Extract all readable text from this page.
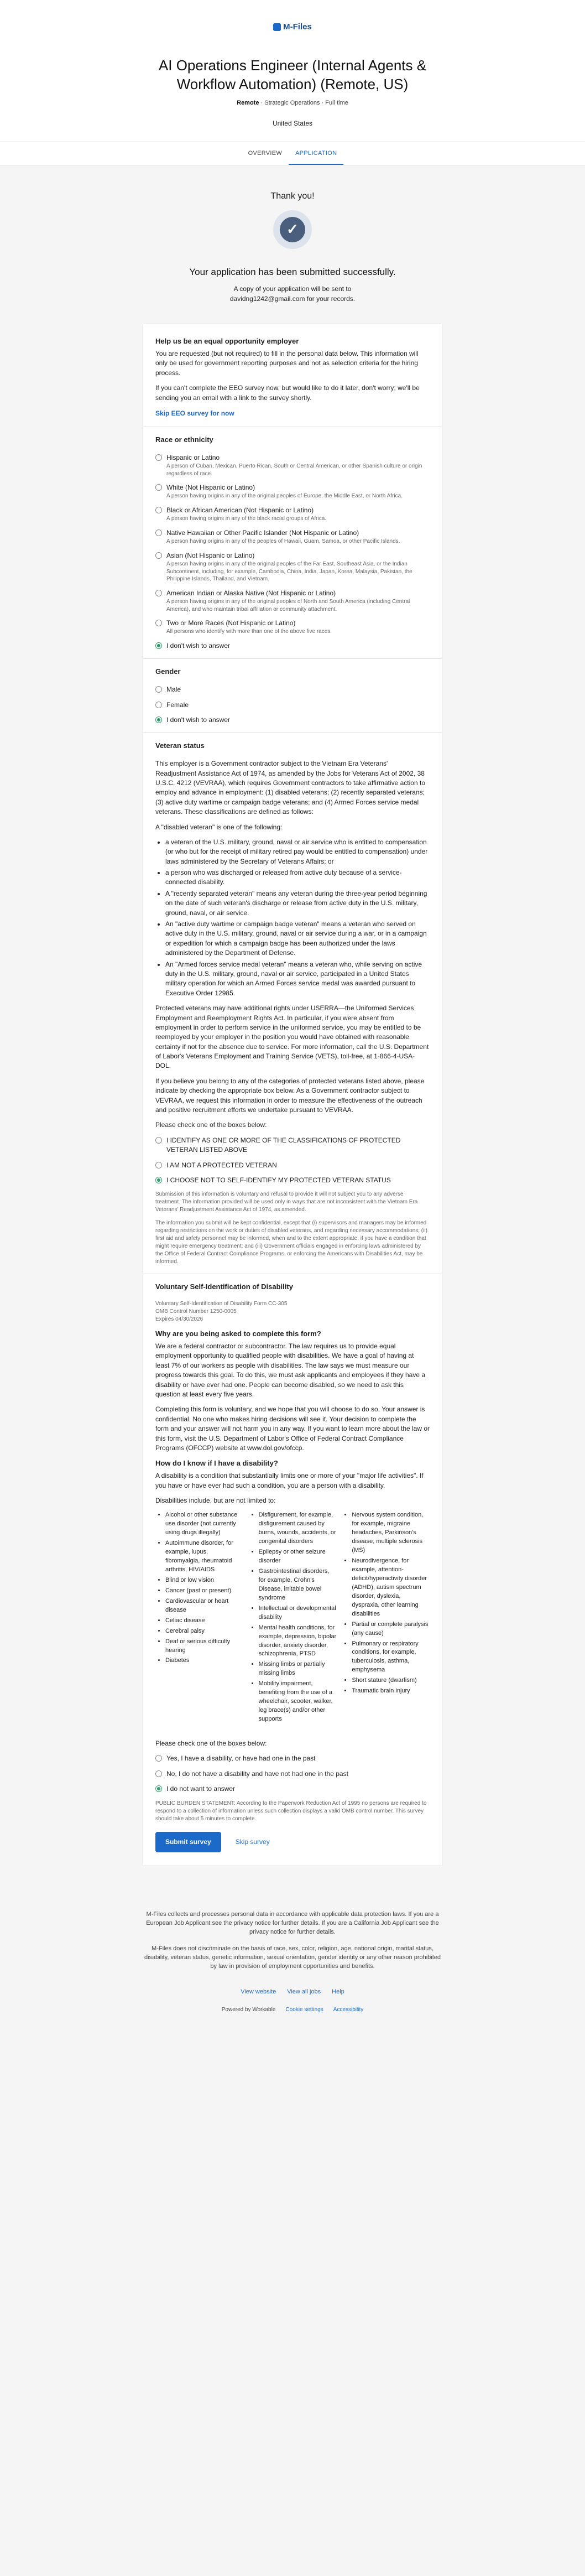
M-Files
AI Operations Engineer (Internal Agents & Workflow Automation) (Remote, US)
Remote · Strategic Operations · Full time
United States
OVERVIEW	APPLICATION
Thank you!
✓
Your application has been submitted successfully.
A copy of your application will be sent to davidng1242@gmail.com for your records.
Help us be an equal opportunity employer

You are requested (but not required) to fill in the personal data below. This information will only be used for government reporting purposes and not as selection criteria for the hiring process.

If you can't complete the EEO survey now, but would like to do it later, don't worry; we'll be sending you an email with a link to the survey shortly.

Skip EEO survey for now
Race or ethnicity
Hispanic or Latino
A person of Cuban, Mexican, Puerto Rican, South or Central American, or other Spanish culture or origin regardless of race.
White (Not Hispanic or Latino)
A person having origins in any of the original peoples of Europe, the Middle East, or North Africa.
Black or African American (Not Hispanic or Latino)
A person having origins in any of the black racial groups of Africa.
Native Hawaiian or Other Pacific Islander (Not Hispanic or Latino)
A person having origins in any of the peoples of Hawaii, Guam, Samoa, or other Pacific Islands.
Asian (Not Hispanic or Latino)
A person having origins in any of the original peoples of the Far East, Southeast Asia, or the Indian Subcontinent, including, for example, Cambodia, China, India, Japan, Korea, Malaysia, Pakistan, the Philippine Islands, Thailand, and Vietnam.
American Indian or Alaska Native (Not Hispanic or Latino)
A person having origins in any of the original peoples of North and South America (including Central America), and who maintain tribal affiliation or community attachment.
Two or More Races (Not Hispanic or Latino)
All persons who identify with more than one of the above five races.
I don't wish to answer
Gender
Male
Female
I don't wish to answer
Veteran status

This employer is a Government contractor subject to the Vietnam Era Veterans' Readjustment Assistance Act of 1974, as amended by the Jobs for Veterans Act of 2002, 38 U.S.C. 4212 (VEVRAA), which requires Government contractors to take affirmative action to employ and advance in employment: (1) disabled veterans; (2) recently separated veterans; (3) active duty wartime or campaign badge veterans; and (4) Armed Forces service medal veterans. These classifications are defined as follows:

A "disabled veteran" is one of the following:

• a veteran of the U.S. military, ground, naval or air service who is entitled to compensation (or who but for the receipt of military retired pay would be entitled to compensation) under laws administered by the Secretary of Veterans Affairs; or
• a person who was discharged or released from active duty because of a service-connected disability.
• A "recently separated veteran" means any veteran during the three-year period beginning on the date of such veteran's discharge or release from active duty in the U.S. military, ground, naval, or air service.
• An "active duty wartime or campaign badge veteran" means a veteran who served on active duty in the U.S. military, ground, naval or air service during a war, or in a campaign or expedition for which a campaign badge has been authorized under the laws administered by the Department of Defense.
• An "Armed forces service medal veteran" means a veteran who, while serving on active duty in the U.S. military, ground, naval or air service, participated in a United States military operation for which an Armed Forces service medal was awarded pursuant to Executive Order 12985.

Protected veterans may have additional rights under USERRA—the Uniformed Services Employment and Reemployment Rights Act. In particular, if you were absent from employment in order to perform service in the uniformed service, you may be entitled to be reemployed by your employer in the position you would have obtained with reasonable certainty if not for the absence due to service. For more information, call the U.S. Department of Labor's Veterans Employment and Training Service (VETS), toll-free, at 1-866-4-USA-DOL.

If you believe you belong to any of the categories of protected veterans listed above, please indicate by checking the appropriate box below. As a Government contractor subject to VEVRAA, we request this information in order to measure the effectiveness of the outreach and positive recruitment efforts we undertake pursuant to VEVRAA.

Please check one of the boxes below:

I IDENTIFY AS ONE OR MORE OF THE CLASSIFICATIONS OF PROTECTED VETERAN LISTED ABOVE
I AM NOT A PROTECTED VETERAN
I CHOOSE NOT TO SELF-IDENTIFY MY PROTECTED VETERAN STATUS
Submission of this information is voluntary and refusal to provide it will not subject you to any adverse treatment. The information provided will be used only in ways that are not inconsistent with the Vietnam Era Veterans' Readjustment Assistance Act of 1974, as amended.
The information you submit will be kept confidential, except that (i) supervisors and managers may be informed regarding restrictions on the work or duties of disabled veterans, and regarding necessary accommodations; (ii) first aid and safety personnel may be informed, when and to the extent appropriate, if you have a condition that might require emergency treatment; and (iii) Government officials engaged in enforcing laws administered by the Office of Federal Contract Compliance Programs, or enforcing the Americans with Disabilities Act, may be informed.
Voluntary Self-Identification of Disability
Voluntary Self-Identification of Disability Form CC-305
OMB Control Number 1250-0005
Expires 04/30/2026
Why are you being asked to complete this form?

We are a federal contractor or subcontractor. The law requires us to provide equal employment opportunity to qualified people with disabilities. We have a goal of having at least 7% of our workers as people with disabilities. The law says we must measure our progress towards this goal. To do this, we must ask applicants and employees if they have a disability or have ever had one. People can become disabled, so we need to ask this question at least every five years.

Completing this form is voluntary, and we hope that you will choose to do so. Your answer is confidential. No one who makes hiring decisions will see it. Your decision to complete the form and your answer will not harm you in any way. If you want to learn more about the law or this form, visit the U.S. Department of Labor's Office of Federal Contract Compliance Programs (OFCCP) website at www.dol.gov/ofccp.

How do I know if I have a disability?

A disability is a condition that substantially limits one or more of your "major life activities". If you have or have ever had such a condition, you are a person with a disability.

Disabilities include, but are not limited to:

• Alcohol or other substance use disorder (not currently using drugs illegally)
• Autoimmune disorder, for example, lupus, fibromyalgia, rheumatoid arthritis, HIV/AIDS
• Blind or low vision
• Cancer (past or present)
• Cardiovascular or heart disease
• Celiac disease
• Cerebral palsy
• Deaf or serious difficulty hearing
• Diabetes
• Disfigurement, for example, disfigurement caused by burns, wounds, accidents, or congenital disorders
• Epilepsy or other seizure disorder
• Gastrointestinal disorders, for example, Crohn's Disease, irritable bowel syndrome
• Intellectual or developmental disability
• Mental health conditions, for example, depression, bipolar disorder, anxiety disorder, schizophrenia, PTSD
• Missing limbs or partially missing limbs
• Mobility impairment, benefiting from the use of a wheelchair, scooter, walker, leg brace(s) and/or other supports
• Nervous system condition, for example, migraine headaches, Parkinson's disease, multiple sclerosis (MS)
• Neurodivergence, for example, attention-deficit/hyperactivity disorder (ADHD), autism spectrum disorder, dyslexia, dyspraxia, other learning disabilities
• Partial or complete paralysis (any cause)
• Pulmonary or respiratory conditions, for example, tuberculosis, asthma, emphysema
• Short stature (dwarfism)
• Traumatic brain injury

Please check one of the boxes below:

Yes, I have a disability, or have had one in the past
No, I do not have a disability and have not had one in the past
I do not want to answer
PUBLIC BURDEN STATEMENT: According to the Paperwork Reduction Act of 1995 no persons are required to respond to a collection of information unless such collection displays a valid OMB control number. This survey should take about 5 minutes to complete.
Submit survey	Skip survey

M-Files collects and processes personal data in accordance with applicable data protection laws. If you are a European Job Applicant see the privacy notice for further details. If you are a California Job Applicant see the privacy notice for further details.

M-Files does not discriminate on the basis of race, sex, color, religion, age, national origin, marital status, disability, veteran status, genetic information, sexual orientation, gender identity or any other reason prohibited by law in provision of employment opportunities and benefits.

View website View all jobs Help
Powered by Workable Cookie settings Accessibility
